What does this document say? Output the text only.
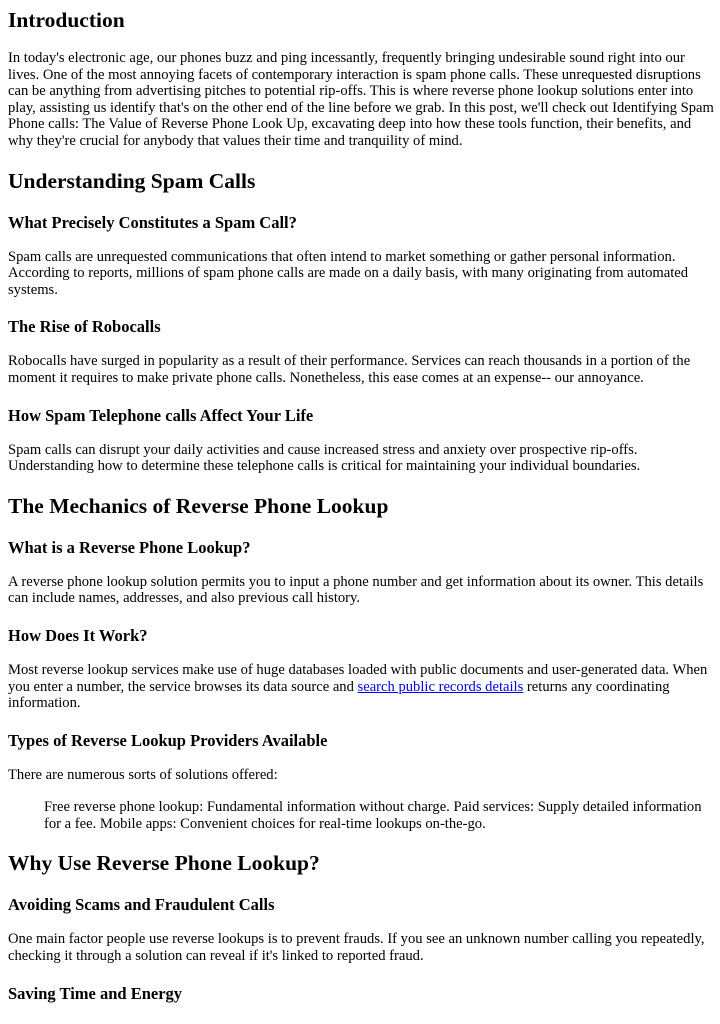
Introduction

In today's electronic age, our phones buzz and ping incessantly, frequently bringing undesirable sound right into our lives. One of the most annoying facets of contemporary interaction is spam phone calls. These unrequested disruptions can be anything from advertising pitches to potential rip-offs. This is where reverse phone lookup solutions enter into play, assisting us identify that's on the other end of the line before we grab. In this post, we'll check out Identifying Spam Phone calls: The Value of Reverse Phone Look Up, excavating deep into how these tools function, their benefits, and why they're crucial for anybody that values their time and tranquility of mind.

Understanding Spam Calls
What Precisely Constitutes a Spam Call?

Spam calls are unrequested communications that often intend to market something or gather personal information. According to reports, millions of spam phone calls are made on a daily basis, with many originating from automated systems.

The Rise of Robocalls

Robocalls have surged in popularity as a result of their performance. Services can reach thousands in a portion of the moment it requires to make private phone calls. Nonetheless, this ease comes at an expense-- our annoyance.

How Spam Telephone calls Affect Your Life

Spam calls can disrupt your daily activities and cause increased stress and anxiety over prospective rip-offs. Understanding how to determine these telephone calls is critical for maintaining your individual boundaries.

The Mechanics of Reverse Phone Lookup
What is a Reverse Phone Lookup?

A reverse phone lookup solution permits you to input a phone number and get information about its owner. This details can include names, addresses, and also previous call history.

How Does It Work?

Most reverse lookup services make use of huge databases loaded with public documents and user-generated data. When you enter a number, the service browses its data source and search public records details returns any coordinating information.

Types of Reverse Lookup Providers Available

There are numerous sorts of solutions offered:

Free reverse phone lookup: Fundamental information without charge. Paid services: Supply detailed information for a fee. Mobile apps: Convenient choices for real-time lookups on-the-go.
Why Use Reverse Phone Lookup?
Avoiding Scams and Fraudulent Calls

One main factor people use reverse lookups is to prevent frauds. If you see an unknown number calling you repeatedly, checking it through a solution can reveal if it's linked to reported fraud.

Saving Time and Energy
